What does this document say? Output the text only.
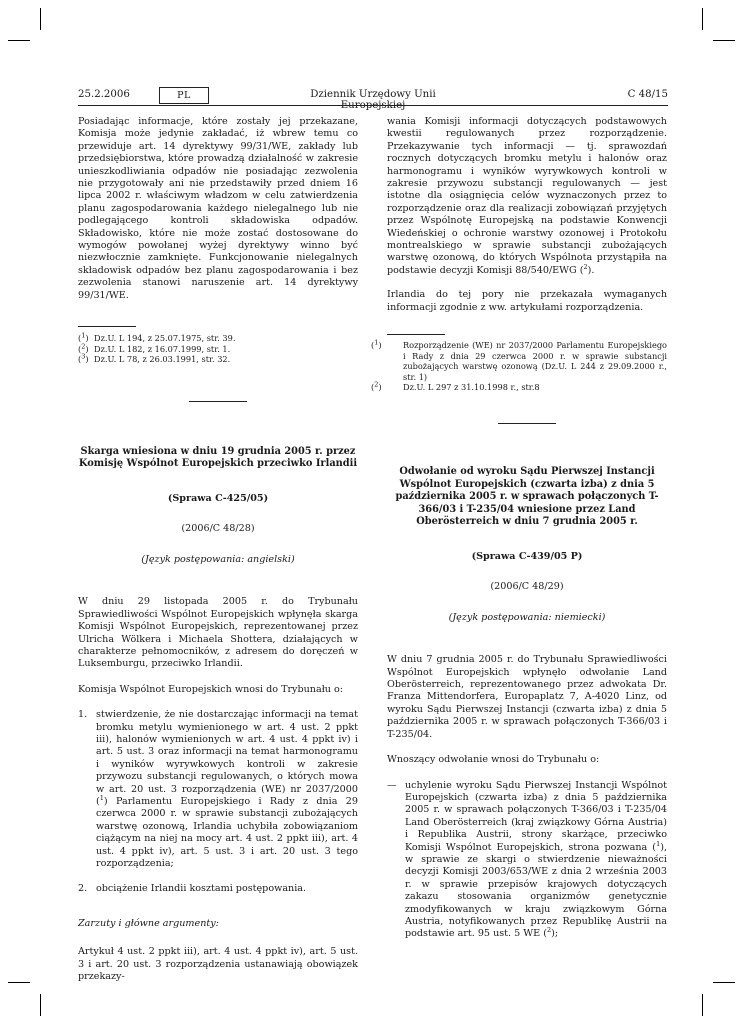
25.2.2006	PL	Dziennik Urzędowy Unii	C 48/15

Posiadając informacje, które zostały jej przekazane, Komisja może jedynie zakładać, iż wbrew temu co przewiduje art. 14 dyrektywy 99/31/WE, zakłady lub przedsiębiorstwa, które prowadzą działalność w zakresie unieszkodliwiania odpadów nie posiadając zezwolenia nie przygotowały ani nie przedstawiły przed dniem 16 lipca 2002 r. właściwym władzom w celu zatwierdzenia planu zagospodarowania każdego nielegalnego lub nie podlegającego kontroli składowiska odpadów. Składowisko, które nie może zostać dostosowane do wymogów powołanej wyżej dyrektywy winno być niezwłocznie zamknięte. Funkcjonowanie nielegalnych składowisk odpadów bez planu zagospodarowania i bez zezwolenia stanowi naruszenie art. 14 dyrektywy 99/31/WE.

($^1$) Dz.U. L 194, z 25.07.1975, str. 39.

($^2$) Dz.U. L 182, z 16.07.1999, str. 1.

($^3$) Dz.U. L 78, z 26.03.1991, str. 32.

Skarga wniesiona w dniu 19 grudnia 2005 r. przez Komisję Wspólnot Europejskich przeciwko Irlandii

(Sprawa C-425/05)

(2006/C 48/28)

(Język postępowania: angielski)

W dniu 29 listopada 2005 r. do Trybunału Sprawiedliwości Wspólnot Europejskich wpłynęła skarga Komisji Wspólnot Europejskich, reprezentowanej przez Ulricha Wölkera i Michaela Shottera, działających w charakterze pełnomocników, z adresem do doręczeń w Luksemburgu, przeciwko Irlandii.

Komisja Wspólnot Europejskich wnosi do Trybunału o:

1. stwierdzenie, że nie dostarczając informacji na temat bromku metylu wymienionego w art. 4 ust. 2 ppkt iii), halonów wymienionych w art. 4 ust. 4 ppkt iv) i art. 5 ust. 3 oraz informacji na temat harmonogramu i wyników wyrywkowych kontroli w zakresie przywozu substancji regulowanych, o których mowa w art. 20 ust. 3 rozporządzenia (WE) nr 2037/2000 ($^1$) Parlamentu Europejskiego i Rady z dnia 29 czerwca 2000 r. w sprawie substancji zubożających warstwę ozonową, Irlandia uchybiła zobowiązaniom ciążącym na niej na mocy art. 4 ust. 2 ppkt iii), art. 4 ust. 4 ppkt iv), art. 5 ust. 3 i art. 20 ust. 3 tego rozporządzenia;

2. obciążenie Irlandii kosztami postępowania.

Zarzuty i główne argumenty:

Artykuł 4 ust. 2 ppkt iii), art. 4 ust. 4 ppkt iv), art. 5 ust. 3 i art. 20 ust. 3 rozporządzenia ustanawiają obowiązek przekazy-

wania Komisji informacji dotyczących podstawowych kwestii regulowanych przez rozporządzenie. Przekazywanie tych informacji — tj. sprawozdań rocznych dotyczących bromku metylu i halonów oraz harmonogramu i wyników wyrywkowych kontroli w zakresie przywozu substancji regulowanych — jest istotne dla osiągnięcia celów wyznaczonych przez to rozporządzenie oraz dla realizacji zobowiązań przyjętych przez Wspólnotę Europejską na podstawie Konwencji Wiedeńskiej o ochronie warstwy ozonowej i Protokołu montrealskiego w sprawie substancji zubożających warstwę ozonową, do których Wspólnota przystąpiła na podstawie decyzji Komisji 88/540/EWG ($^2$).

Irlandia do tej pory nie przekazała wymaganych informacji zgodnie z ww. artykułami rozporządzenia.

($^1$)	Rozporządzenie (WE) nr 2037/2000 Parlamentu Europejskiego i Rady z dnia 29 czerwca 2000 r. w sprawie substancji zubożających warstwę ozonową (Dz.U. L 244 z 29.09.2000 r., str. 1)

($^2$)	Dz.U. L 297 z 31.10.1998 r., str.8

Odwołanie od wyroku Sądu Pierwszej Instancji Wspólnot Europejskich (czwarta izba) z dnia 5 października 2005 r. w sprawach połączonych T-366/03 i T-235/04 wniesione przez Land Oberösterreich w dniu 7 grudnia 2005 r.

(Sprawa C-439/05 P)

(2006/C 48/29)

(Język postępowania: niemiecki)

W dniu 7 grudnia 2005 r. do Trybunału Sprawiedliwości Wspólnot Europejskich wpłynęło odwołanie Land Oberösterreich, reprezentowanego przez adwokata Dr. Franza Mittendorfera, Europaplatz 7, A-4020 Linz, od wyroku Sądu Pierwszej Instancji (czwarta izba) z dnia 5 października 2005 r. w sprawach połączonych T-366/03 i T-235/04.

Wnoszący odwołanie wnosi do Trybunału o:

— uchylenie wyroku Sądu Pierwszej Instancji Wspólnot Europejskich (czwarta izba) z dnia 5 października 2005 r. w sprawach połączonych T-366/03 i T-235/04 Land Oberösterreich (kraj związkowy Górna Austria) i Republika Austrii, strony skarżące, przeciwko Komisji Wspólnot Europejskich, strona pozwana ($^1$), w sprawie ze skargi o stwierdzenie nieważności decyzji Komisji 2003/653/WE z dnia 2 września 2003 r. w sprawie przepisów krajowych dotyczących zakazu stosowania organizmów genetycznie zmodyfikowanych w kraju związkowym Górna Austria, notyfikowanych przez Republikę Austrii na podstawie art. 95 ust. 5 WE ($^2$);
